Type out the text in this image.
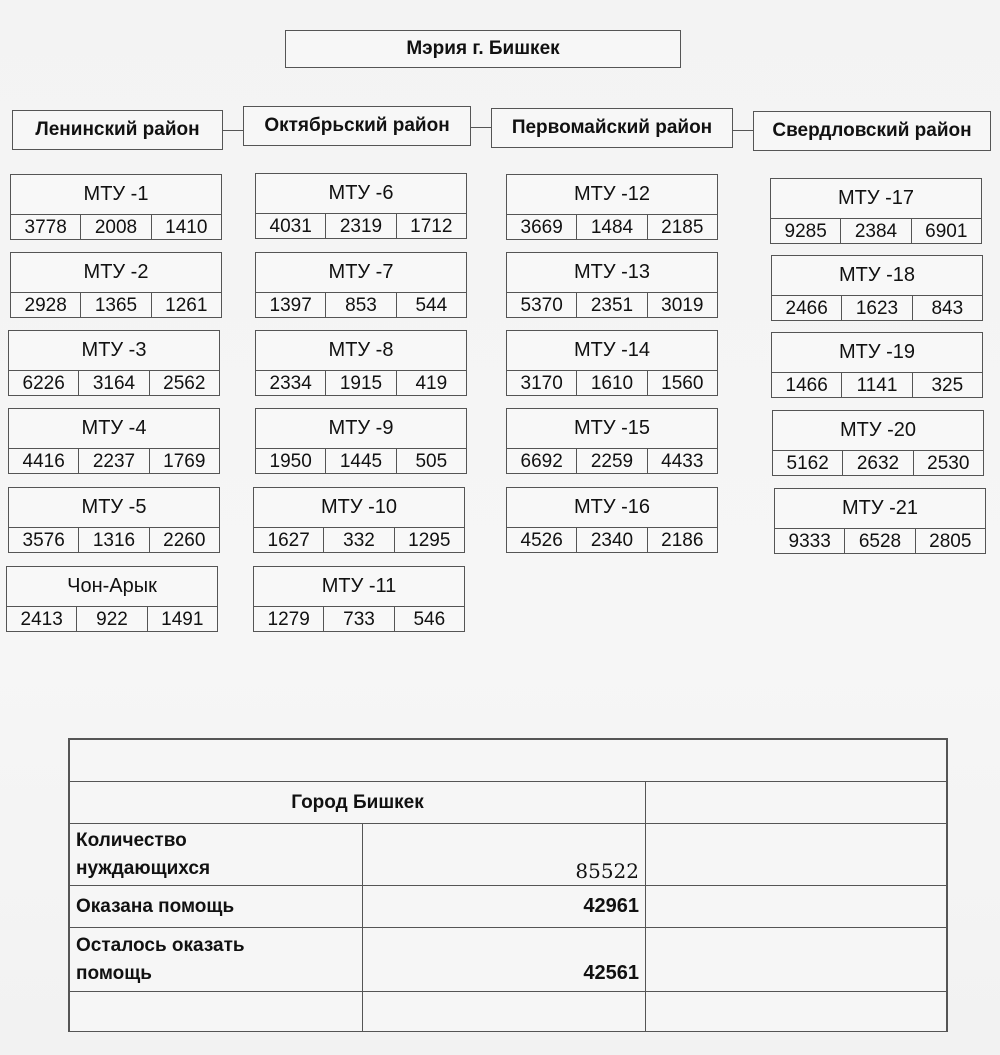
Мэрия г. Бишкек
Ленинский район	Октябрьский район	Первомайский район	Свердловский район
МТУ -1
3778	2008	1410
МТУ -2
2928	1365	1261
МТУ -3
6226	3164	2562
МТУ -4
4416	2237	1769
МТУ -5
3576	1316	2260
Чон-Арык
2413	922	1491
МТУ -6
4031	2319	1712
МТУ -7
1397	853	544
МТУ -8
2334	1915	419
МТУ -9
1950	1445	505
МТУ -10
1627	332	1295
МТУ -11
1279	733	546
МТУ -12
3669	1484	2185
МТУ -13
5370	2351	3019
МТУ -14
3170	1610	1560
МТУ -15
6692	2259	4433
МТУ -16
4526	2340	2186
МТУ -17
9285	2384	6901
МТУ -18
2466	1623	843
МТУ -19
1466	1141	325
МТУ -20
5162	2632	2530
МТУ -21
9333	6528	2805

Город Бишкек		

Количество
нуждающихся	85522	
Оказана помощь	42961	

Осталось оказать
помощь	42561	
